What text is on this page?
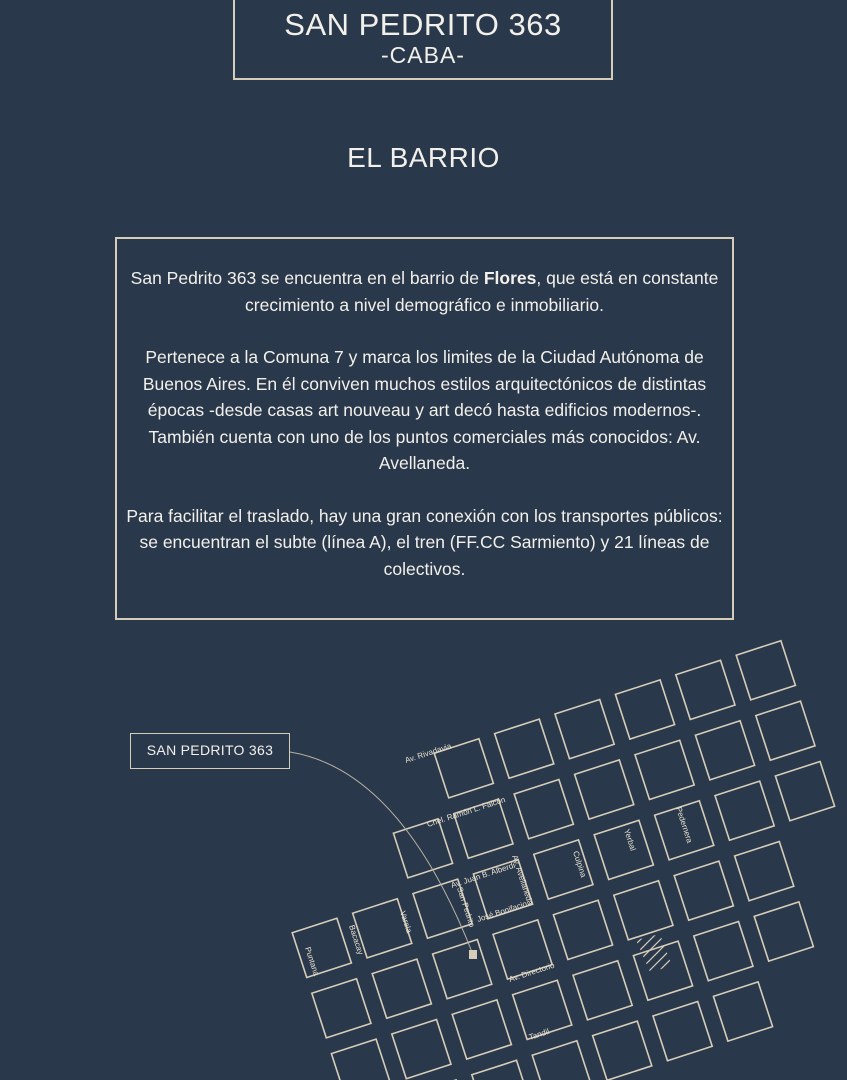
SAN PEDRITO 363
-CABA-
EL BARRIO

San Pedrito 363 se encuentra en el barrio de Flores, que está en constante crecimiento a nivel demográfico e inmobiliario.

Pertenece a la Comuna 7 y marca los limites de la Ciudad Autónoma de Buenos Aires. En él conviven muchos estilos arquitectónicos de distintas épocas -desde casas art nouveau y art decó hasta edificios modernos-. También cuenta con uno de los puntos comerciales más conocidos: Av. Avellaneda.

Para facilitar el traslado, hay una gran conexión con los transportes públicos: se encuentran el subte (línea A), el tren (FF.CC Sarmiento) y 21 líneas de colectivos.

Av. Rivadavia
Cnel. Ramón L. Falcón
Av. Juan B. Alberdi
José Bonifacio
Av. Directorio
Tandil
San Pedrito
Av. Avellaneda	Culpina
Yerbal	Pedernera
Varela
Bacacay
Puntana
SAN PEDRITO 363
